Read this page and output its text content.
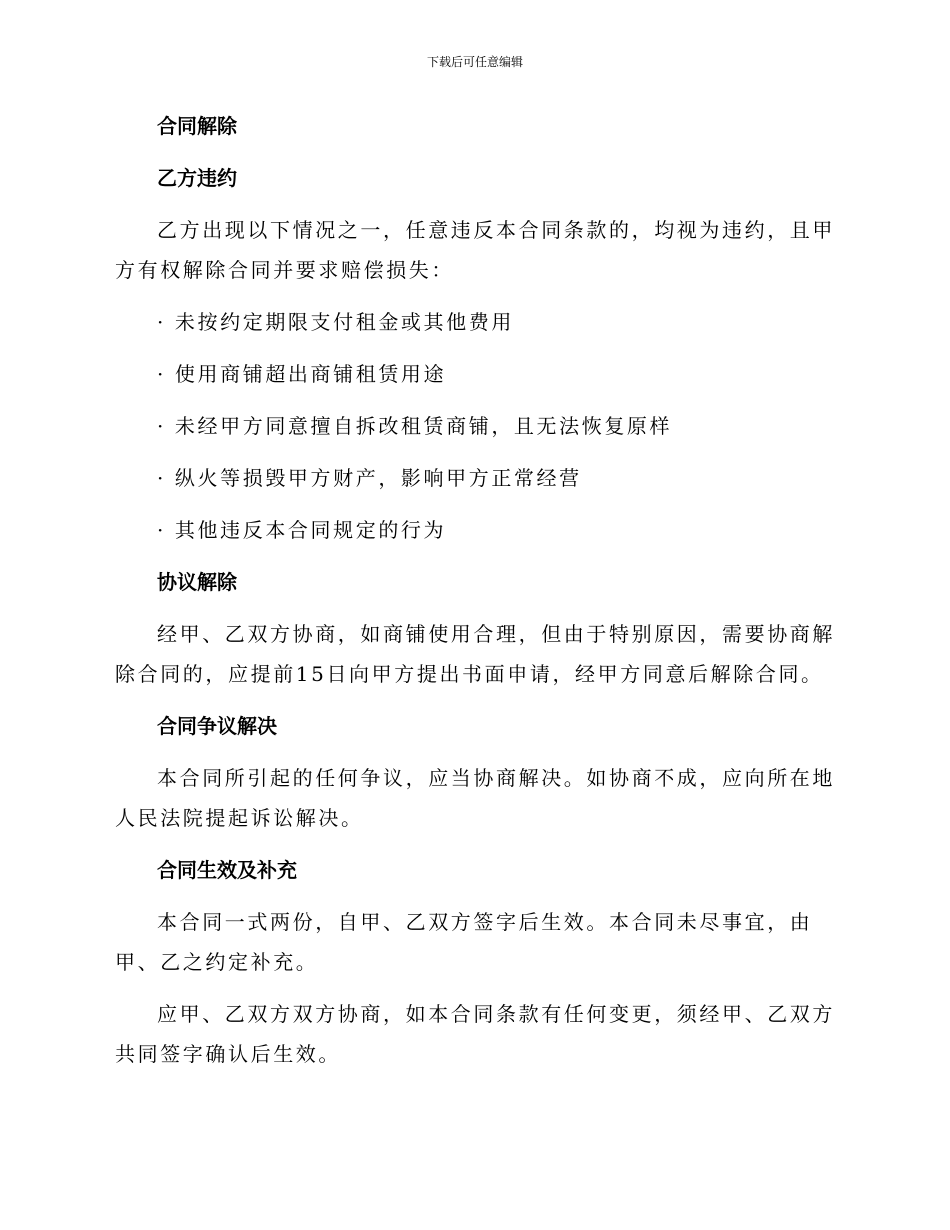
下载后可任意编辑
合同解除
乙方违约

乙方出现以下情况之一，任意违反本合同条款的，均视为违约，且甲方有权解除合同并要求赔偿损失：

· 未按约定期限支付租金或其他费用

· 使用商铺超出商铺租赁用途

· 未经甲方同意擅自拆改租赁商铺，且无法恢复原样

· 纵火等损毁甲方财产，影响甲方正常经营

· 其他违反本合同规定的行为

协议解除

经甲、乙双方协商，如商铺使用合理，但由于特别原因，需要协商解除合同的，应提前15日向甲方提出书面申请，经甲方同意后解除合同。

合同争议解决

本合同所引起的任何争议，应当协商解决。如协商不成，应向所在地人民法院提起诉讼解决。

合同生效及补充

本合同一式两份，自甲、乙双方签字后生效。本合同未尽事宜，由甲、乙之约定补充。

应甲、乙双方双方协商，如本合同条款有任何变更，须经甲、乙双方共同签字确认后生效。
